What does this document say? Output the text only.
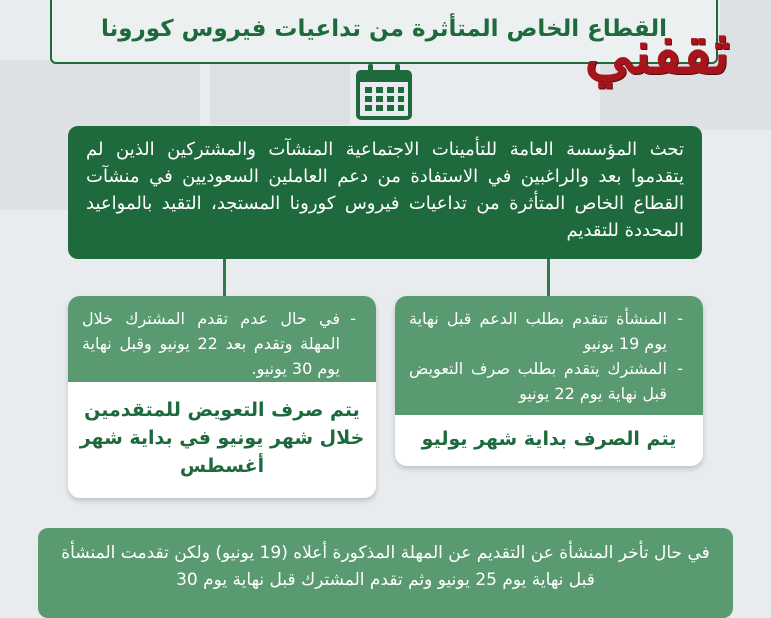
القطاع الخاص المتأثرة من تداعيات فيروس كورونا
ثقفني
تحث المؤسسة العامة للتأمينات الاجتماعية المنشآت والمشتركين الذين لم يتقدموا بعد والراغبين في الاستفادة من دعم العاملين السعوديين في منشآت القطاع الخاص المتأثرة من تداعيات فيروس كورونا المستجد، التقيد بالمواعيد المحددة للتقديم
- المنشأة تتقدم بطلب الدعم قبل نهاية يوم 19 يونيو
- المشترك يتقدم بطلب صرف التعويض قبل نهاية يوم 22 يونيو
يتم الصرف بداية شهر يوليو
- في حال عدم تقدم المشترك خلال المهلة وتقدم بعد 22 يونيو وقبل نهاية يوم 30 يونيو.
يتم صرف التعويض للمتقدمين خلال شهر يونيو في بداية شهر أغسطس
في حال تأخر المنشأة عن التقديم عن المهلة المذكورة أعلاه (19 يونيو) ولكن تقدمت المنشأة قبل نهاية يوم 25 يونيو وثم تقدم المشترك قبل نهاية يوم 30
